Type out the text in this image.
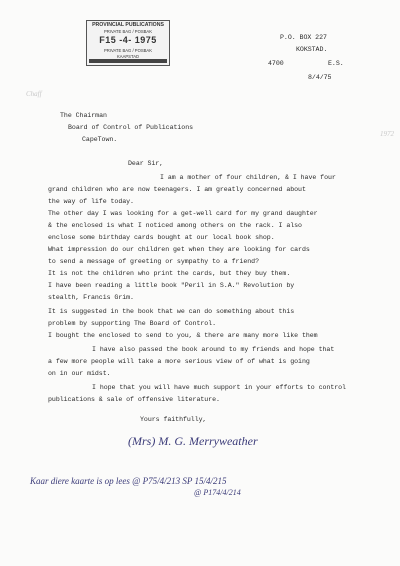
PROVINCIAL PUBLICATIONS
PRIVATE BAG / POSBAK
F15 -4- 1975
PRIVATE BAG / POSBAK
KAAPSTAD
Chaff
1972
P.O. BOX 227
KOKSTAD.
4700	E.S.
8/4/75
The Chairman
Board of Control of Publications
CapeTown.
Dear Sir,
I am a mother of four children, & I have four
grand children who are now teenagers. I am greatly concerned about
the way of life today.
The other day I was looking for a get-well card for my grand daughter
& the enclosed is what I noticed among others on the rack. I also
enclose some birthday cards bought at our local book shop.
What impression do our children get when they are looking for cards
to send a message of greeting or sympathy to a friend?
It is not the children who print the cards, but they buy them.
I have been reading a little book "Peril in S.A." Revolution by
stealth, Francis Grim.
It is suggested in the book that we can do something about this
problem by supporting The Board of Control.
I bought the enclosed to send to you, & there are many more like them
I have also passed the book around to my friends and hope that
a few more people will take a more serious view of of what is going
on in our midst.
I hope that you will have much support in your efforts to control
publications & sale of offensive literature.
Yours faithfully,
(Mrs) M. G. Merryweather
Kaar diere kaarte is op lees @ P75/4/213 SP 15/4/215
@ P174/4/214
